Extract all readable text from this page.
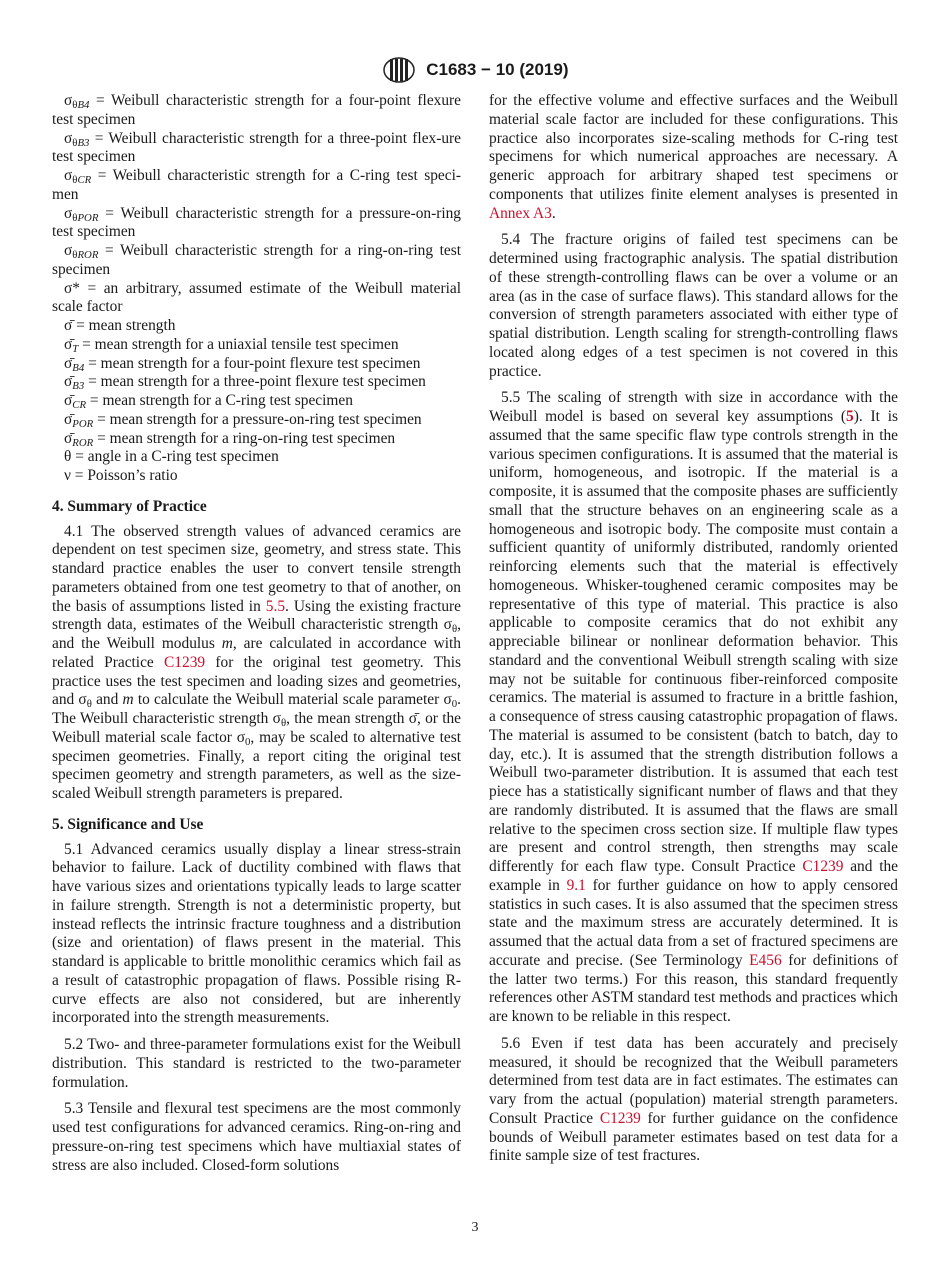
C1683 − 10 (2019)
$\sigma_\theta B4$ = Weibull characteristic strength for a four-point flexure test specimen
$\sigma_\theta B3$ = Weibull characteristic strength for a three-point flex-ure test specimen
$\sigma_\theta CR$ = Weibull characteristic strength for a C-ring test speci-men
$\sigma_\theta POR$ = Weibull characteristic strength for a pressure-on-ring test specimen
$\sigma_\theta ROR$ = Weibull characteristic strength for a ring-on-ring test specimen
σ* = an arbitrary, assumed estimate of the Weibull material scale factor
σ̄ = mean strength
σ̄T = mean strength for a uniaxial tensile test specimen
σ̄B4 = mean strength for a four-point flexure test specimen
σ̄B3 = mean strength for a three-point flexure test specimen
σ̄CR = mean strength for a C-ring test specimen
σ̄POR = mean strength for a pressure-on-ring test specimen
σ̄ROR = mean strength for a ring-on-ring test specimen
θ = angle in a C-ring test specimen
ν = Poisson’s ratio
4. Summary of Practice
4.1 The observed strength values of advanced ceramics are dependent on test specimen size, geometry, and stress state. This standard practice enables the user to convert tensile strength parameters obtained from one test geometry to that of another, on the basis of assumptions listed in 5.5. Using the existing fracture strength data, estimates of the Weibull characteristic strength $\sigma_\theta$, and the Weibull modulus m, are calculated in accordance with related Practice C1239 for the original test geometry. This practice uses the test specimen and loading sizes and geometries, and $\sigma_\theta$ and m to calculate the Weibull material scale parameter $\sigma_0$. The Weibull characteristic strength $\sigma_\theta$, the mean strength σ̄, or the Weibull material scale factor $\sigma_0$, may be scaled to alternative test specimen geometries. Finally, a report citing the original test specimen geometry and strength parameters, as well as the size-scaled Weibull strength parameters is prepared.
5. Significance and Use
5.1 Advanced ceramics usually display a linear stress-strain behavior to failure. Lack of ductility combined with flaws that have various sizes and orientations typically leads to large scatter in failure strength. Strength is not a deterministic property, but instead reflects the intrinsic fracture toughness and a distribution (size and orientation) of flaws present in the material. This standard is applicable to brittle monolithic ceramics which fail as a result of catastrophic propagation of flaws. Possible rising R-curve effects are also not considered, but are inherently incorporated into the strength measurements.
5.2 Two- and three-parameter formulations exist for the Weibull distribution. This standard is restricted to the two-parameter formulation.
5.3 Tensile and flexural test specimens are the most commonly used test configurations for advanced ceramics. Ring-on-ring and pressure-on-ring test specimens which have multiaxial states of stress are also included. Closed-form solutions
for the effective volume and effective surfaces and the Weibull material scale factor are included for these configurations. This practice also incorporates size-scaling methods for C-ring test specimens for which numerical approaches are necessary. A generic approach for arbitrary shaped test specimens or components that utilizes finite element analyses is presented in Annex A3.
5.4 The fracture origins of failed test specimens can be determined using fractographic analysis. The spatial distribution of these strength-controlling flaws can be over a volume or an area (as in the case of surface flaws). This standard allows for the conversion of strength parameters associated with either type of spatial distribution. Length scaling for strength-controlling flaws located along edges of a test specimen is not covered in this practice.
5.5 The scaling of strength with size in accordance with the Weibull model is based on several key assumptions (5). It is assumed that the same specific flaw type controls strength in the various specimen configurations. It is assumed that the material is uniform, homogeneous, and isotropic. If the material is a composite, it is assumed that the composite phases are sufficiently small that the structure behaves on an engineering scale as a homogeneous and isotropic body. The composite must contain a sufficient quantity of uniformly distributed, randomly oriented reinforcing elements such that the material is effectively homogeneous. Whisker-toughened ceramic composites may be representative of this type of material. This practice is also applicable to composite ceramics that do not exhibit any appreciable bilinear or nonlinear deformation behavior. This standard and the conventional Weibull strength scaling with size may not be suitable for continuous fiber-reinforced composite ceramics. The material is assumed to fracture in a brittle fashion, a consequence of stress causing catastrophic propagation of flaws. The material is assumed to be consistent (batch to batch, day to day, etc.). It is assumed that the strength distribution follows a Weibull two-parameter distribution. It is assumed that each test piece has a statistically significant number of flaws and that they are randomly distributed. It is assumed that the flaws are small relative to the specimen cross section size. If multiple flaw types are present and control strength, then strengths may scale differently for each flaw type. Consult Practice C1239 and the example in 9.1 for further guidance on how to apply censored statistics in such cases. It is also assumed that the specimen stress state and the maximum stress are accurately determined. It is assumed that the actual data from a set of fractured specimens are accurate and precise. (See Terminology E456 for definitions of the latter two terms.) For this reason, this standard frequently references other ASTM standard test methods and practices which are known to be reliable in this respect.
5.6 Even if test data has been accurately and precisely measured, it should be recognized that the Weibull parameters determined from test data are in fact estimates. The estimates can vary from the actual (population) material strength parameters. Consult Practice C1239 for further guidance on the confidence bounds of Weibull parameter estimates based on test data for a finite sample size of test fractures.
3
